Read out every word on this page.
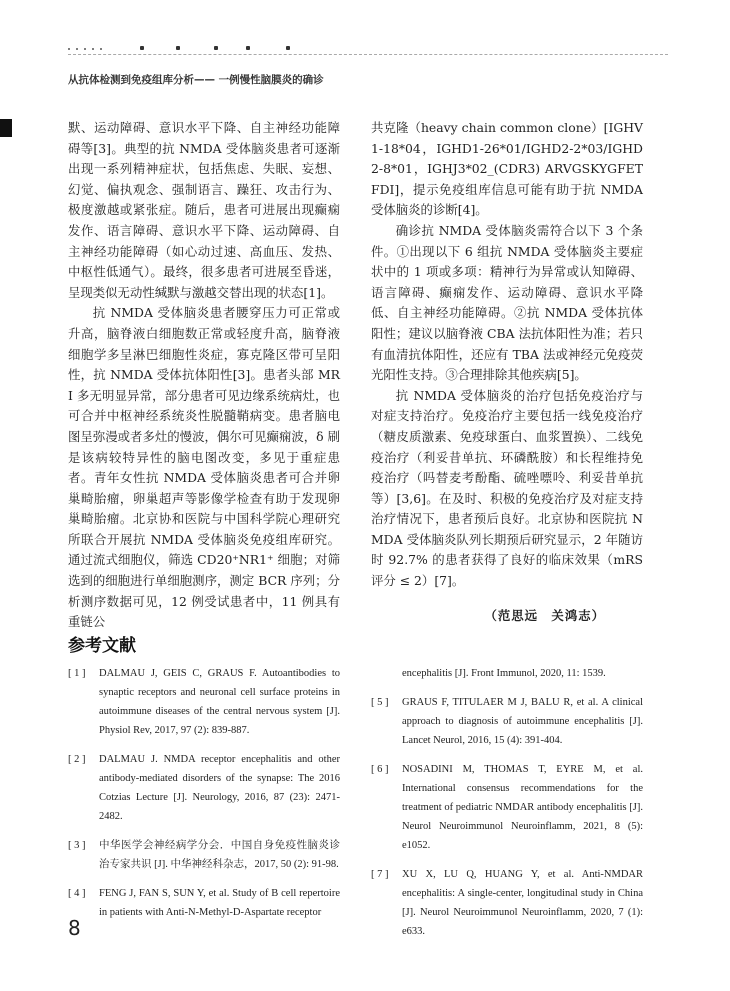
从抗体检测到免疫组库分析—— 一例慢性脑膜炎的确诊

默、运动障碍、意识水平下降、自主神经功能障碍等[3]。典型的抗 NMDA 受体脑炎患者可逐渐出现一系列精神症状，包括焦虑、失眠、妄想、幻觉、偏执观念、强制语言、躁狂、攻击行为、极度激越或紧张症。随后，患者可进展出现癫痫发作、语言障碍、意识水平下降、运动障碍、自主神经功能障碍（如心动过速、高血压、发热、中枢性低通气）。最终，很多患者可进展至昏迷，呈现类似无动性缄默与激越交替出现的状态[1]。

抗 NMDA 受体脑炎患者腰穿压力可正常或升高，脑脊液白细胞数正常或轻度升高，脑脊液细胞学多呈淋巴细胞性炎症，寡克隆区带可呈阳性，抗 NMDA 受体抗体阳性[3]。患者头部 MRI 多无明显异常，部分患者可见边缘系统病灶，也可合并中枢神经系统炎性脱髓鞘病变。患者脑电图呈弥漫或者多灶的慢波，偶尔可见癫痫波，δ 刷是该病较特异性的脑电图改变，多见于重症患者。青年女性抗 NMDA 受体脑炎患者可合并卵巢畸胎瘤，卵巢超声等影像学检查有助于发现卵巢畸胎瘤。北京协和医院与中国科学院心理研究所联合开展抗 NMDA 受体脑炎免疫组库研究。通过流式细胞仪，筛选 CD20⁺NR1⁺ 细胞；对筛选到的细胞进行单细胞测序，测定 BCR 序列；分析测序数据可见，12 例受试患者中，11 例具有重链公

共克隆（heavy chain common clone）[IGHV1-18*04，IGHD1-26*01/IGHD2-2*03/IGHD2-8*01，IGHJ3*02_(CDR3) ARVGSKYGFETFDI]，提示免疫组库信息可能有助于抗 NMDA 受体脑炎的诊断[4]。

确诊抗 NMDA 受体脑炎需符合以下 3 个条件。①出现以下 6 组抗 NMDA 受体脑炎主要症状中的 1 项或多项：精神行为异常或认知障碍、语言障碍、癫痫发作、运动障碍、意识水平降低、自主神经功能障碍。②抗 NMDA 受体抗体阳性；建议以脑脊液 CBA 法抗体阳性为准；若只有血清抗体阳性，还应有 TBA 法或神经元免疫荧光阳性支持。③合理排除其他疾病[5]。

抗 NMDA 受体脑炎的治疗包括免疫治疗与对症支持治疗。免疫治疗主要包括一线免疫治疗（糖皮质激素、免疫球蛋白、血浆置换）、二线免疫治疗（利妥昔单抗、环磷酰胺）和长程维持免疫治疗（吗替麦考酚酯、硫唑嘌呤、利妥昔单抗等）[3,6]。在及时、积极的免疫治疗及对症支持治疗情况下，患者预后良好。北京协和医院抗 NMDA 受体脑炎队列长期预后研究显示，2 年随访时 92.7% 的患者获得了良好的临床效果（mRS 评分 ≤ 2）[7]。

（范思远　关鸿志）
参考文献
[ 1 ] DALMAU J, GEIS C, GRAUS F. Autoantibodies to synaptic receptors and neuronal cell surface proteins in autoimmune diseases of the central nervous system [J]. Physiol Rev, 2017, 97 (2): 839-887.
[ 2 ] DALMAU J. NMDA receptor encephalitis and other antibody-mediated disorders of the synapse: The 2016 Cotzias Lecture [J]. Neurology, 2016, 87 (23): 2471-2482.
[ 3 ] 中华医学会神经病学分会．中国自身免疫性脑炎诊治专家共识 [J]. 中华神经科杂志，2017, 50 (2): 91-98.
[ 4 ] FENG J, FAN S, SUN Y, et al. Study of B cell repertoire in patients with Anti-N-Methyl-D-Aspartate receptor
encephalitis [J]. Front Immunol, 2020, 11: 1539.
[ 5 ] GRAUS F, TITULAER M J, BALU R, et al. A clinical approach to diagnosis of autoimmune encephalitis [J]. Lancet Neurol, 2016, 15 (4): 391-404.
[ 6 ] NOSADINI M, THOMAS T, EYRE M, et al. International consensus recommendations for the treatment of pediatric NMDAR antibody encephalitis [J]. Neurol Neuroimmunol Neuroinflamm, 2021, 8 (5): e1052.
[ 7 ] XU X, LU Q, HUANG Y, et al. Anti-NMDAR encephalitis: A single-center, longitudinal study in China [J]. Neurol Neuroimmunol Neuroinflamm, 2020, 7 (1): e633.
8
